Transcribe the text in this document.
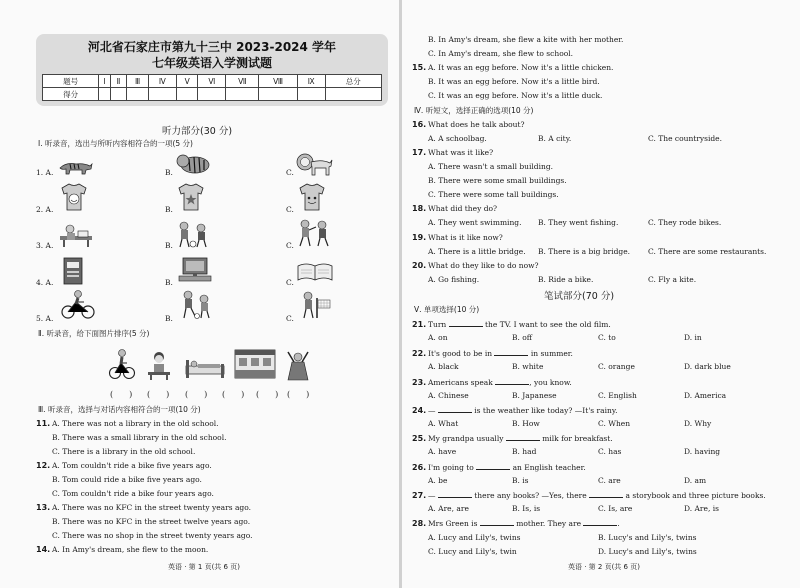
河北省石家庄市第九十三中 2023-2024 学年
七年级英语入学测试题
题号	Ⅰ	Ⅱ	Ⅲ	Ⅳ	Ⅴ	Ⅵ	Ⅶ	Ⅷ	Ⅸ	总分
得分										
听力部分(30 分)
Ⅰ. 听录音，选出与所听内容相符合的一项(5 分)
1. A.	B.	C.
2. A.	B.	C.
3. A.	B.	C.
4. A.	B.	C.
5. A.	B.	C.
Ⅱ. 听录音，给下面图片排序(5 分)
(　　) (　　) (　　) (　　) (　　) (　　)
Ⅲ. 听录音，选择与对话内容相符合的一项(10 分)
11. A. There was not a library in the old school.
B. There was a small library in the old school.
C. There is a library in the old school.
12. A. Tom couldn't ride a bike five years ago.
B. Tom could ride a bike five years ago.
C. Tom couldn't ride a bike four years ago.
13. A. There was no KFC in the street twenty years ago.
B. There was no KFC in the street twelve years ago.
C. There was no shop in the street twenty years ago.
14. A. In Amy's dream, she flew to the moon.
英语 · 第 1 页(共 6 页)
B. In Amy's dream, she flew a kite with her mother.
C. In Amy's dream, she flew to school.
15. A. It was an egg before. Now it's a little chicken.
B. It was an egg before. Now it's a little bird.
C. It was an egg before. Now it's a little duck.
Ⅳ. 听短文，选择正确的选项(10 分)
16. What does he talk about?
A. A schoolbag.	B. A city.	C. The countryside.
17. What was it like?
A. There wasn't a small building.
B. There were some small buildings.
C. There were some tall buildings.
18. What did they do?
A. They went swimming. B. They went fishing.	C. They rode bikes.
19. What is it like now?
A. There is a little bridge. B. There is a big bridge. C. There are some restaurants.
20. What do they like to do now?
A. Go fishing.	B. Ride a bike.	C. Fly a kite.
笔试部分(70 分)
Ⅴ. 单项选择(10 分)
21. Turn	the TV. I want to see the old film.
A. on	B. off	C. to	D. in
22. It's good to be in	in summer.
A. black	B. white	C. orange	D. dark blue
23. Americans speak	, you know.
A. Chinese	B. Japanese	C. English	D. America
24. —	is the weather like today? —It's rainy.
A. What	B. How	C. When	D. Why
25. My grandpa usually	milk for breakfast.
A. have	B. had	C. has	D. having
26. I'm going to	an English teacher.
A. be	B. is	C. are	D. am
27. —	there any books? —Yes, there	a storybook and three picture books.
A. Are, are	B. Is, is	C. Is, are	D. Are, is
28. Mrs Green is	mother. They are	.
A. Lucy and Lily's, twins	B. Lucy's and Lily's, twins
C. Lucy and Lily's, twin	D. Lucy's and Lily's, twins
英语 · 第 2 页(共 6 页)
